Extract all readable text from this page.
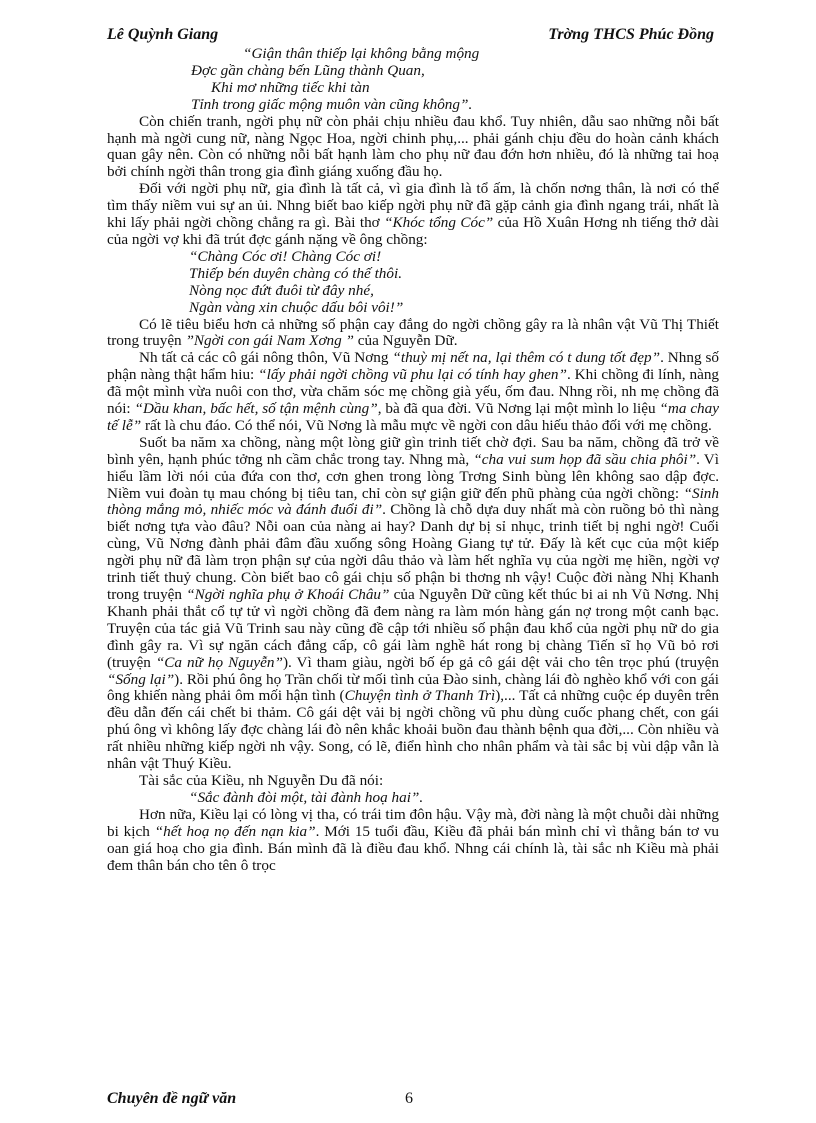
Lê Quỳnh Giang	Trờng THCS Phúc Đồng
“Giận thân thiếp lại không bằng mộng
Đợc gần chàng bến Lũng thành Quan,
Khi mơ những tiếc khi tàn
Tỉnh trong giấc mộng muôn vàn cũng không”.

Còn chiến tranh, ngời phụ nữ còn phải chịu nhiều đau khổ. Tuy nhiên, dẫu sao những nỗi bất hạnh mà ngời cung nữ, nàng Ngọc Hoa, ngời chinh phụ,... phải gánh chịu đều do hoàn cảnh khách quan gây nên. Còn có những nỗi bất hạnh làm cho phụ nữ đau đớn hơn nhiều, đó là những tai hoạ bởi chính ngời thân trong gia đình giáng xuống đầu họ.

Đối với ngời phụ nữ, gia đình là tất cả, vì gia đình là tổ ấm, là chốn nơng thân, là nơi có thể tìm thấy niềm vui sự an ủi. Nhng biết bao kiếp ngời phụ nữ đã gặp cảnh gia đình ngang trái, nhất là khi lấy phải ngời chồng chẳng ra gì. Bài thơ “Khóc tổng Cóc” của Hồ Xuân Hơng nh tiếng thở dài của ngời vợ khi đã trút đợc gánh nặng về ông chồng:

“Chàng Cóc ơi! Chàng Cóc ơi!
Thiếp bén duyên chàng có thế thôi.
Nòng nọc đứt đuôi từ đây nhé,
Ngàn vàng xin chuộc dấu bôi vôi!”

Có lẽ tiêu biểu hơn cả những số phận cay đắng do ngời chồng gây ra là nhân vật Vũ Thị Thiết trong truyện ”Ngời con gái Nam Xơng ” của Nguyễn Dữ.

Nh tất cả các cô gái nông thôn, Vũ Nơng “thuỳ mị nết na, lại thêm có t dung tốt đẹp”. Nhng số phận nàng thật hẩm hiu: “lấy phải ngời chồng vũ phu lại có tính hay ghen”. Khi chồng đi lính, nàng đã một mình vừa nuôi con thơ, vừa chăm sóc mẹ chồng già yếu, ốm đau. Nhng rồi, nh mẹ chồng đã nói: “Dầu khan, bấc hết, số tận mệnh cùng”, bà đã qua đời. Vũ Nơng lại một mình lo liệu “ma chay tế lễ” rất là chu đáo. Có thể nói, Vũ Nơng là mẫu mực về ngời con dâu hiếu thảo đối với mẹ chồng.

Suốt ba năm xa chồng, nàng một lòng giữ gìn trinh tiết chờ đợi. Sau ba năm, chồng đã trở về bình yên, hạnh phúc tởng nh cầm chắc trong tay. Nhng mà, “cha vui sum họp đã sầu chia phôi”. Vì hiểu lầm lời nói của đứa con thơ, cơn ghen trong lòng Trơng Sinh bùng lên không sao dập đợc. Niềm vui đoàn tụ mau chóng bị tiêu tan, chỉ còn sự giận giữ đến phũ phàng của ngời chồng: “Sinh thòng mắng mỏ, nhiếc móc và đánh đuổi đi”. Chồng là chỗ dựa duy nhất mà còn ruồng bỏ thì nàng biết nơng tựa vào đâu? Nỗi oan của nàng ai hay? Danh dự bị sỉ nhục, trinh tiết bị nghi ngờ! Cuối cùng, Vũ Nơng đành phải đâm đầu xuống sông Hoàng Giang tự tử. Đấy là kết cục của một kiếp ngời phụ nữ đã làm trọn phận sự của ngời dâu thảo và làm hết nghĩa vụ của ngời mẹ hiền, ngời vợ trinh tiết thuỷ chung. Còn biết bao cô gái chịu số phận bi thơng nh vậy! Cuộc đời nàng Nhị Khanh trong truyện “Ngời nghĩa phụ ở Khoái Châu” của Nguyễn Dữ cũng kết thúc bi ai nh Vũ Nơng. Nhị Khanh phải thắt cổ tự tử vì ngời chồng đã đem nàng ra làm món hàng gán nợ trong một canh bạc. Truyện của tác giả Vũ Trinh sau này cũng đề cập tới nhiều số phận đau khổ của ngời phụ nữ do gia đình gây ra. Vì sự ngăn cách đẳng cấp, cô gái làm nghề hát rong bị chàng Tiến sĩ họ Vũ bỏ rơi (truyện “Ca nữ họ Nguyễn”). Vì tham giàu, ngời bố ép gả cô gái dệt vải cho tên trọc phú (truyện “Sống lại”). Rồi phú ông họ Trần chối từ mối tình của Đào sinh, chàng lái đò nghèo khổ với con gái ông khiến nàng phải ôm mối hận tình (Chuyện tình ở Thanh Trì),... Tất cả những cuộc ép duyên trên đều dẫn đến cái chết bi thảm. Cô gái dệt vải bị ngời chồng vũ phu dùng cuốc phang chết, con gái phú ông vì không lấy đợc chàng lái đò nên khắc khoải buồn đau thành bệnh qua đời,... Còn nhiều và rất nhiều những kiếp ngời nh vậy. Song, có lẽ, điển hình cho nhân phẩm và tài sắc bị vùi dập vẫn là nhân vật Thuý Kiều.

Tài sắc của Kiều, nh Nguyễn Du đã nói:

“Sắc đành đòi một, tài đành hoạ hai”.

Hơn nữa, Kiều lại có lòng vị tha, có trái tim đôn hậu. Vậy mà, đời nàng là một chuỗi dài những bi kịch “hết hoạ nọ đến nạn kia”. Mới 15 tuổi đầu, Kiều đã phải bán mình chỉ vì thằng bán tơ vu oan giá hoạ cho gia đình. Bán mình đã là điều đau khổ. Nhng cái chính là, tài sắc nh Kiều mà phải đem thân bán cho tên ô trọc

Chuyên đề ngữ văn	6
